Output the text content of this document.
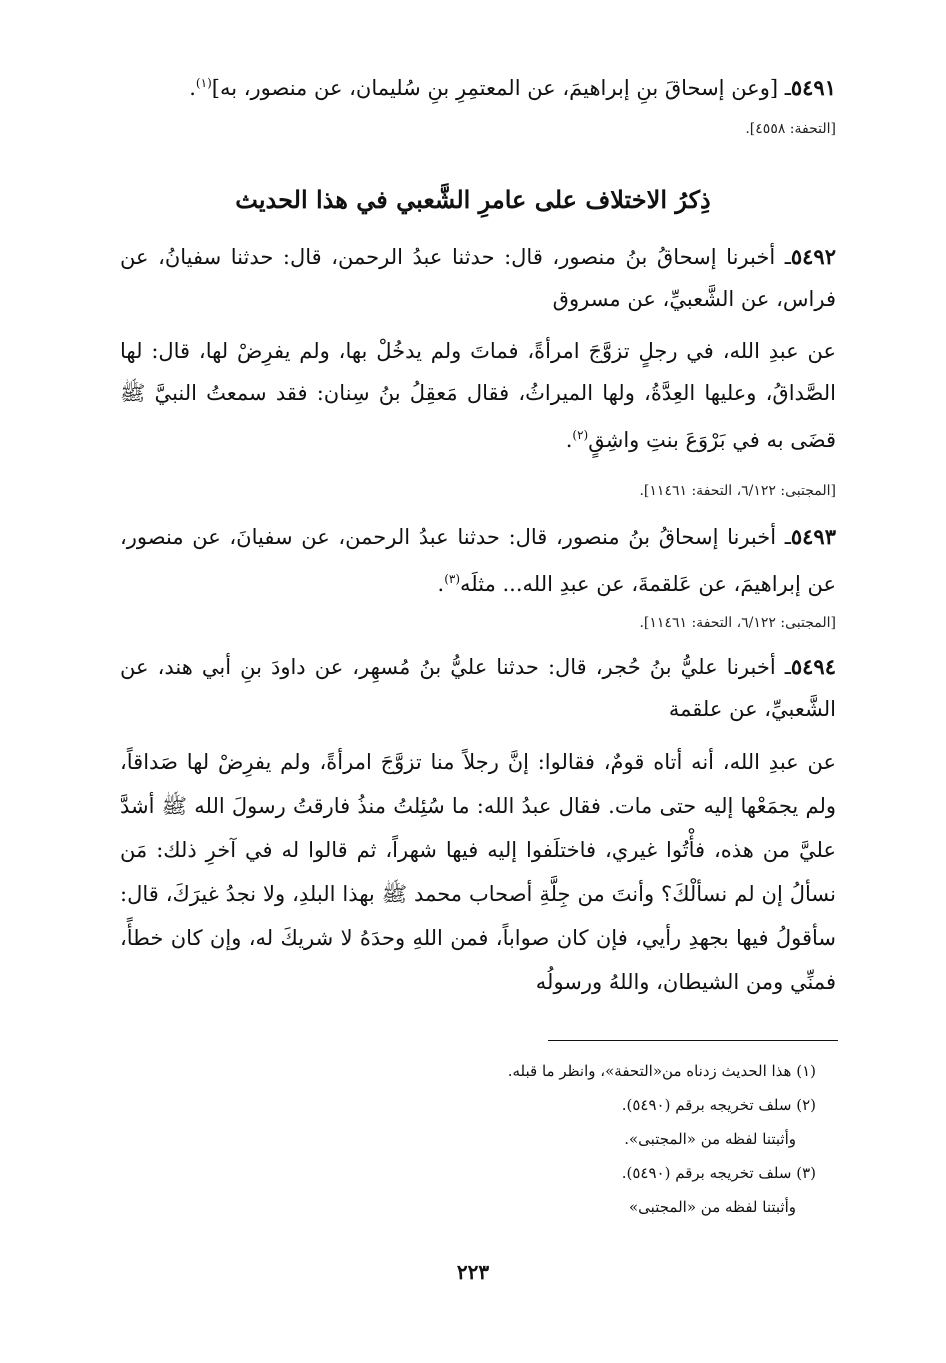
٥٤٩١ـ [وعن إسحاقَ بنِ إبراهيمَ، عن المعتمِرِ بنِ سُليمان، عن منصور، به]$^{(١)}$.
[التحفة: ٤٥٥٨].
ذِكرُ الاختلاف على عامرِ الشَّعبي في هذا الحديث
٥٤٩٢ـ أخبرنا إسحاقُ بنُ منصور، قال: حدثنا عبدُ الرحمن، قال: حدثنا سفيانُ، عن فراس، عن الشَّعبيِّ، عن مسروق
عن عبدِ الله، في رجلٍ تزوَّجَ امرأةً، فماتَ ولم يدخُلْ بها، ولم يفرِضْ لها، قال: لها الصَّداقُ، وعليها العِدَّةُ، ولها الميراثُ، فقال مَعقِلُ بنُ سِنان: فقد سمعتُ النبيَّ ﷺ قضَى به في بَرْوَعَ بنتِ واشِقٍ$^{(٢)}$.
[المجتبى: ٦/١٢٢، التحفة: ١١٤٦١].
٥٤٩٣ـ أخبرنا إسحاقُ بنُ منصور، قال: حدثنا عبدُ الرحمن، عن سفيانَ، عن منصور، عن إبراهيمَ، عن عَلقمةَ، عن عبدِ الله... مثلَه$^{(٣)}$.
[المجتبى: ٦/١٢٢، التحفة: ١١٤٦١].
٥٤٩٤ـ أخبرنا عليُّ بنُ حُجر، قال: حدثنا عليُّ بنُ مُسهِر، عن داودَ بنِ أبي هند، عن الشَّعبيِّ، عن علقمة
عن عبدِ الله، أنه أتاه قومٌ، فقالوا: إنَّ رجلاً منا تزوَّجَ امرأةً، ولم يفرِضْ لها صَداقاً، ولم يجمَعْها إليه حتى مات. فقال عبدُ الله: ما سُئِلتُ منذُ فارقتُ رسولَ الله ﷺ أشدَّ عليَّ من هذه، فأْتُوا غيري، فاختلَفوا إليه فيها شهراً، ثم قالوا له في آخرِ ذلك: مَن نسألُ إن لم نسألْكَ؟ وأنتَ من جِلَّةِ أصحاب محمد ﷺ بهذا البلدِ، ولا نجدُ غيرَكَ، قال: سأقولُ فيها بجهدِ رأيي، فإن كان صواباً، فمن اللهِ وحدَهُ لا شريكَ له، وإن كان خطأً، فمنِّي ومن الشيطان، واللهُ ورسولُه
(١) هذا الحديث زدناه من«التحفة»، وانظر ما قبله.
(٢) سلف تخريجه برقم (٥٤٩٠).
وأثبتنا لفظه من «المجتبى».
(٣) سلف تخريجه برقم (٥٤٩٠).
وأثبتنا لفظه من «المجتبى»
٢٢٣
